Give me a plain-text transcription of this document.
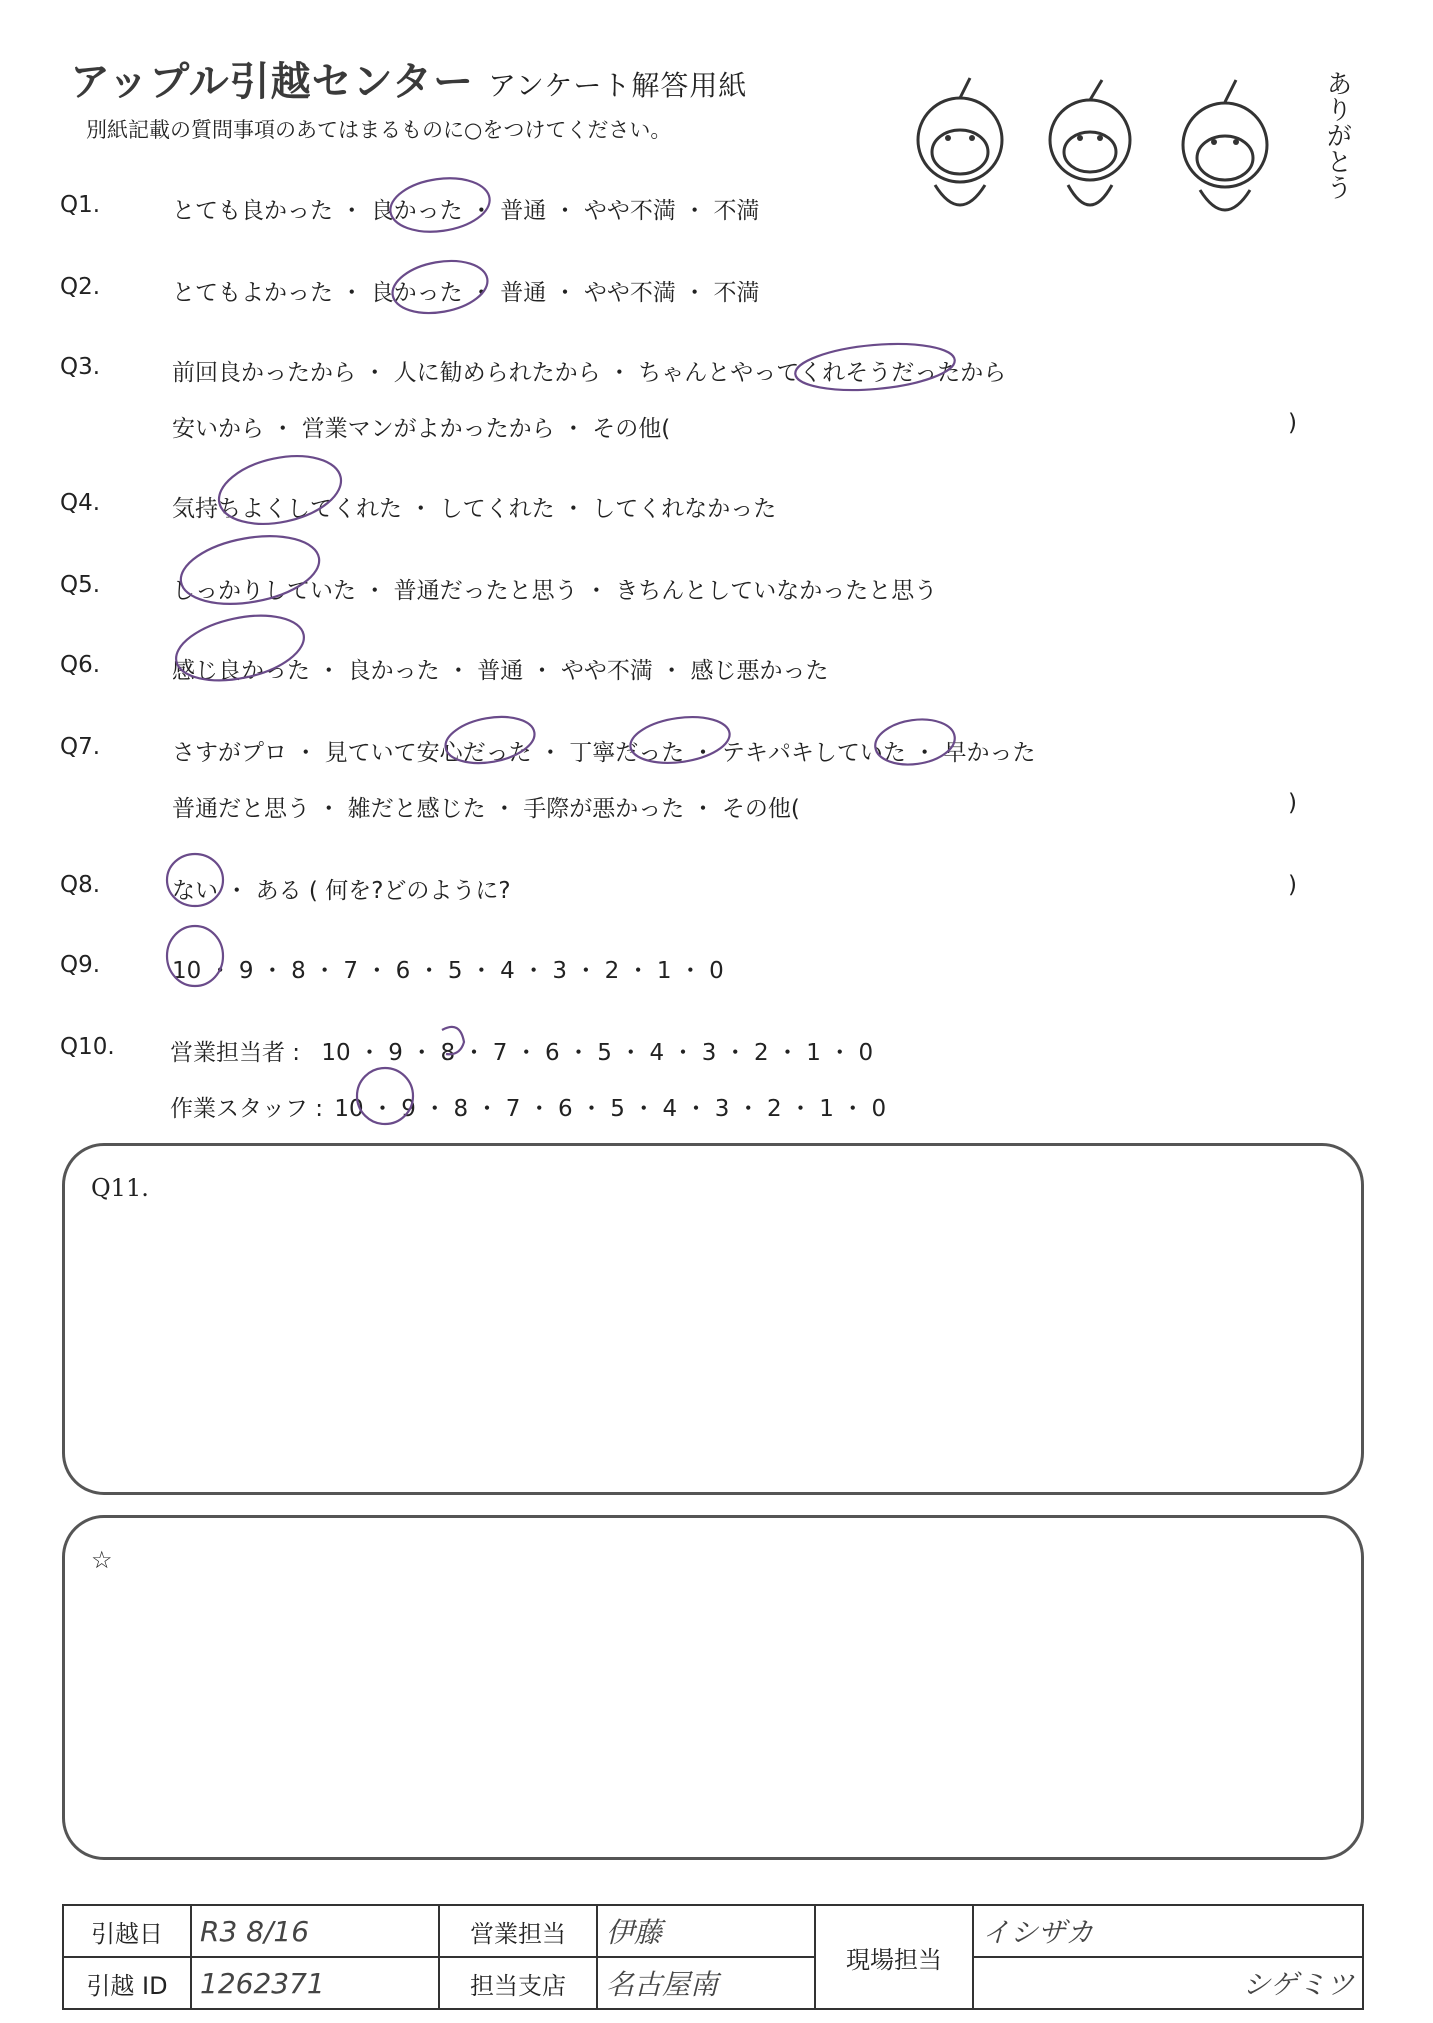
アップル引越センター アンケート解答用紙
別紙記載の質問事項のあてはまるものに○をつけてください。	ありがとう
Q1.	とても良かった ・ 良かった ・ 普通 ・ やや不満 ・ 不満
Q2.	とてもよかった ・ 良かった ・ 普通 ・ やや不満 ・ 不満
Q3.	前回良かったから ・ 人に勧められたから ・ ちゃんとやってくれそうだったから
安いから ・ 営業マンがよかったから ・ その他(	)
Q4.	気持ちよくしてくれた ・ してくれた ・ してくれなかった
Q5.	しっかりしていた ・ 普通だったと思う ・ きちんとしていなかったと思う
Q6.	感じ良かった ・ 良かった ・ 普通 ・ やや不満 ・ 感じ悪かった
Q7.	さすがプロ ・ 見ていて安心だった ・ 丁寧だった ・ テキパキしていた ・ 早かった
普通だと思う ・ 雑だと感じた ・ 手際が悪かった ・ その他(	)
Q8.	ない ・ ある ( 何を?どのように?	)
Q9.	10 ・ 9 ・ 8 ・ 7 ・ 6 ・ 5 ・ 4 ・ 3 ・ 2 ・ 1 ・ 0
Q10. 営業担当者 : 10 ・ 9 ・ 8 ・ 7 ・ 6 ・ 5 ・ 4 ・ 3 ・ 2 ・ 1 ・ 0
作業スタッフ : 10 ・ 9 ・ 8 ・ 7 ・ 6 ・ 5 ・ 4 ・ 3 ・ 2 ・ 1 ・ 0
Q11.
☆
引越日	R3 8/16	営業担当	伊藤	現場担当	イシザカ
引越 ID	1262371	担当支店	名古屋南		シゲミツ
